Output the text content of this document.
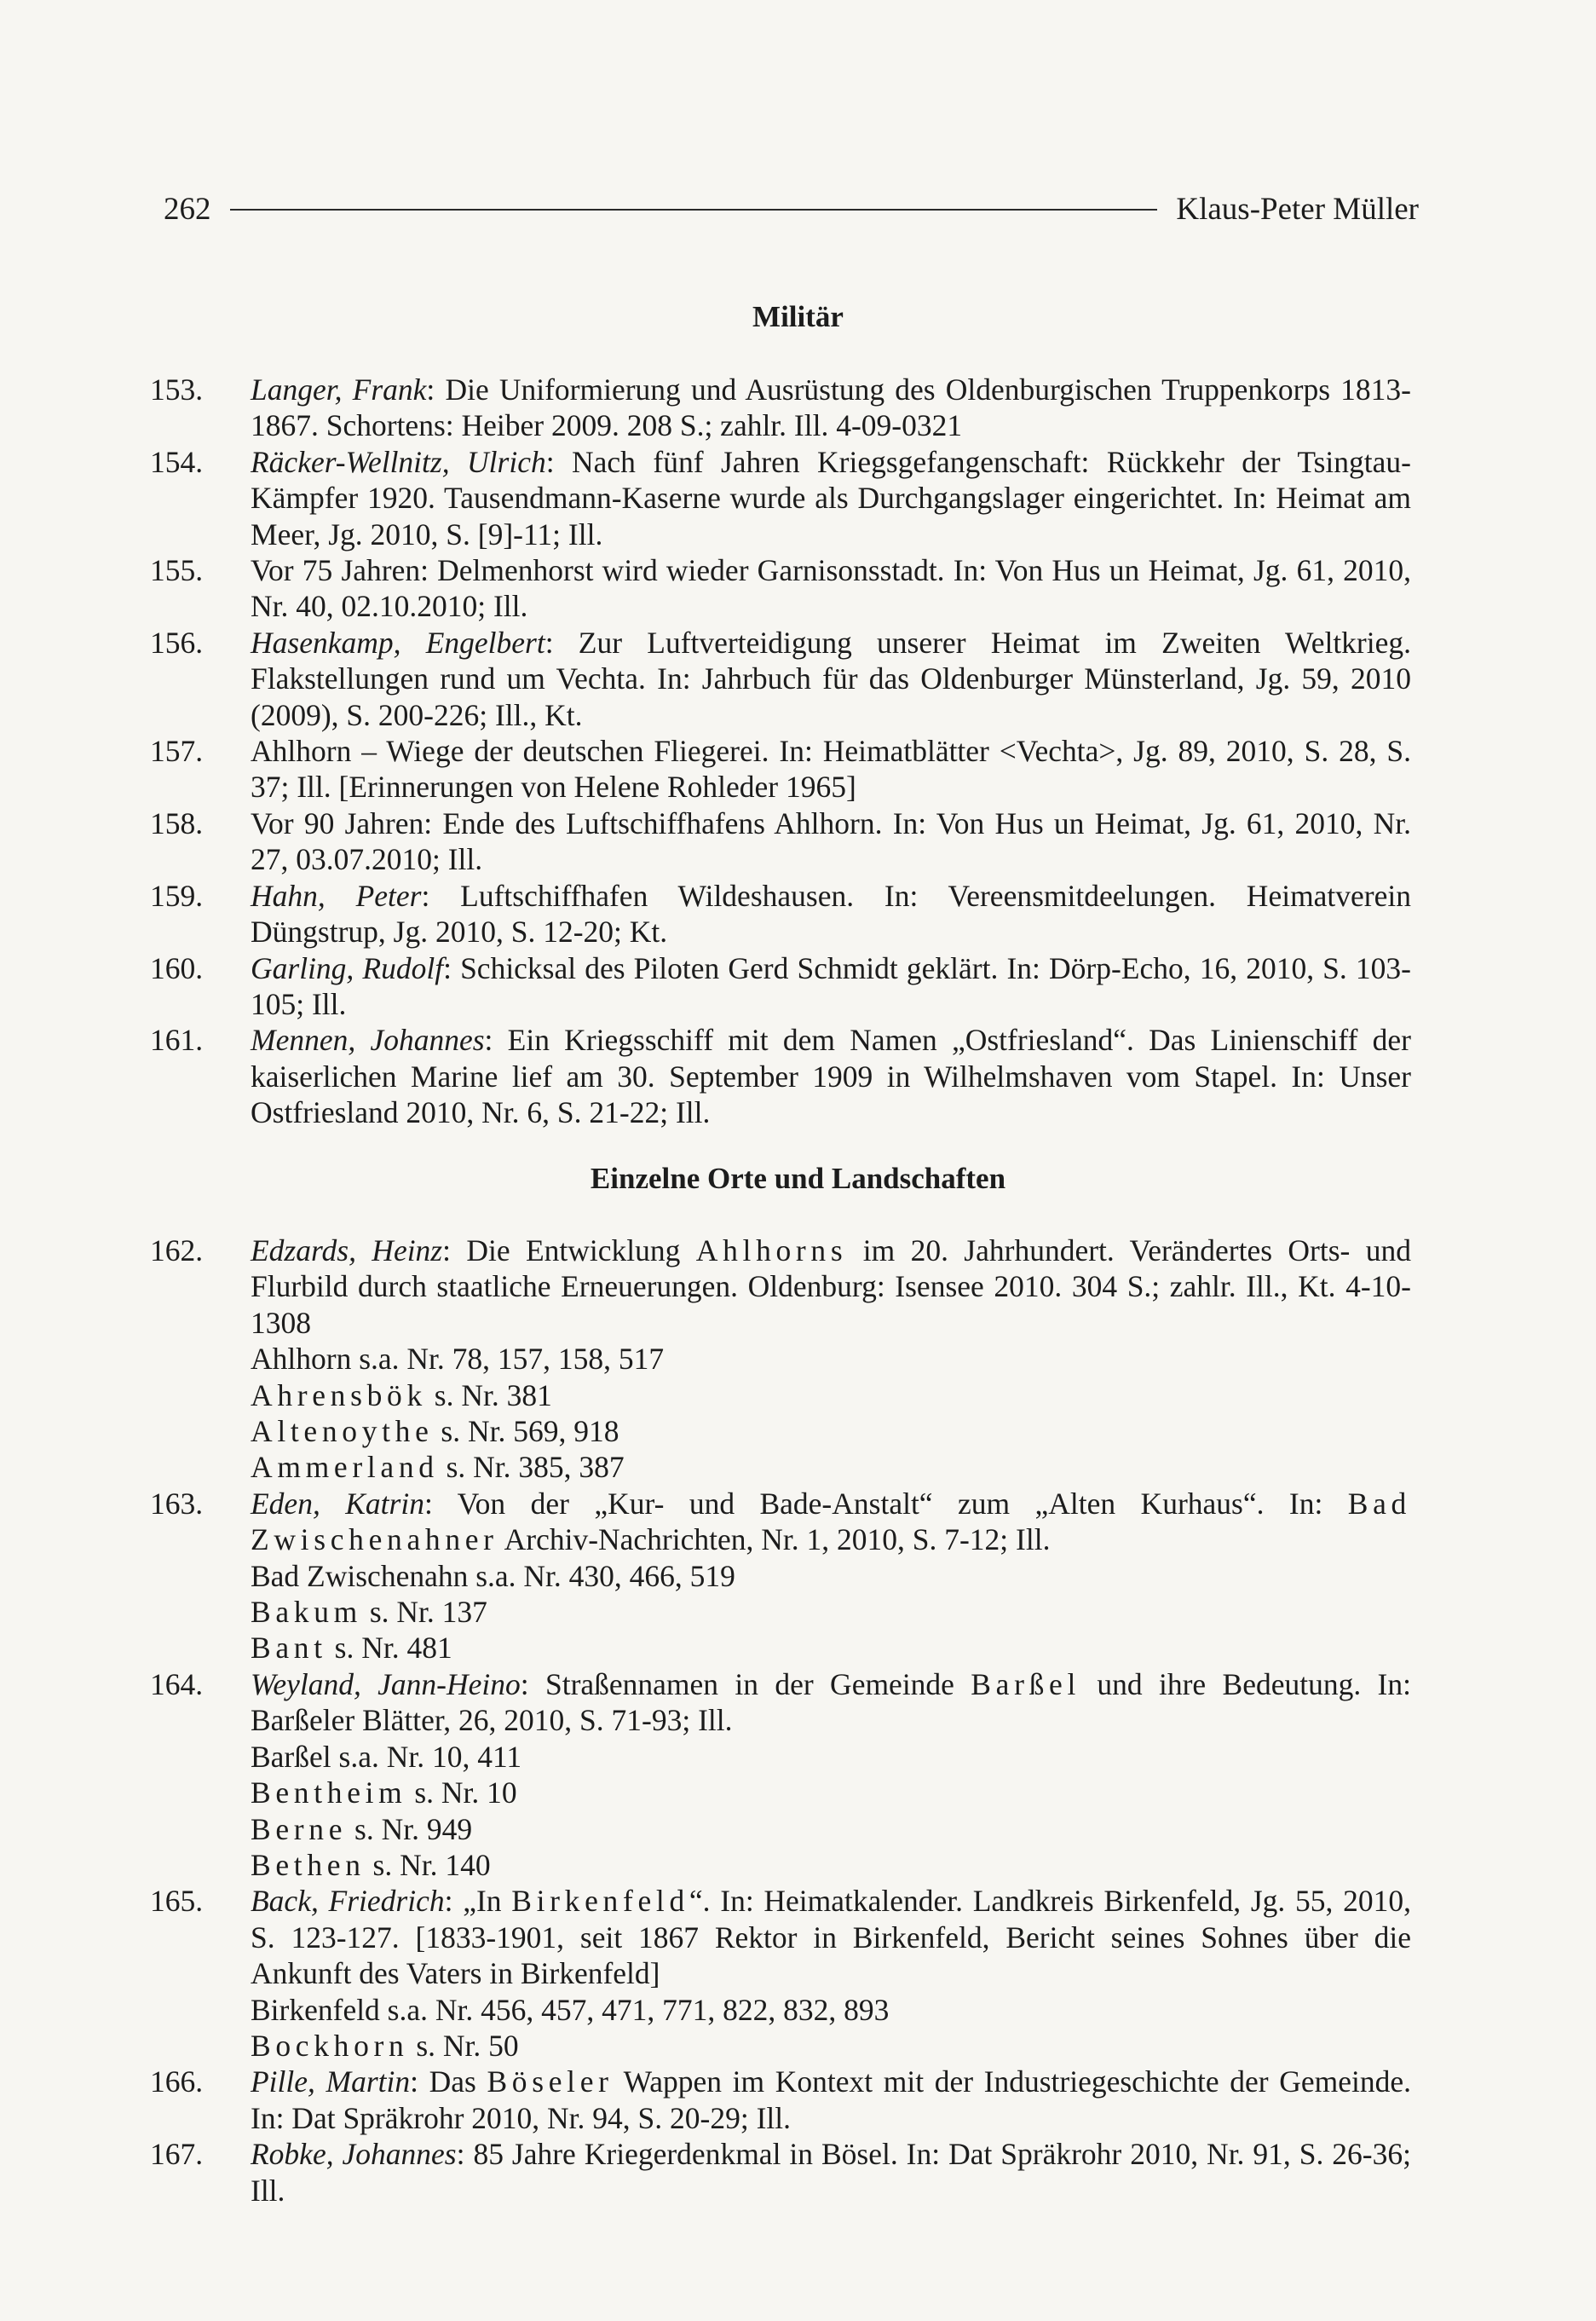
262	Klaus-Peter Müller
Militär
153.	Langer, Frank: Die Uniformierung und Ausrüstung des Oldenburgischen Truppenkorps 1813-1867. Schortens: Heiber 2009. 208 S.; zahlr. Ill. 4-09-0321
154.	Räcker-Wellnitz, Ulrich: Nach fünf Jahren Kriegsgefangenschaft: Rückkehr der Tsingtau-Kämpfer 1920. Tausendmann-Kaserne wurde als Durchgangslager eingerichtet. In: Heimat am Meer, Jg. 2010, S. [9]-11; Ill.
155.	Vor 75 Jahren: Delmenhorst wird wieder Garnisonsstadt. In: Von Hus un Heimat, Jg. 61, 2010, Nr. 40, 02.10.2010; Ill.
156.	Hasenkamp, Engelbert: Zur Luftverteidigung unserer Heimat im Zweiten Weltkrieg. Flakstellungen rund um Vechta. In: Jahrbuch für das Oldenburger Münsterland, Jg. 59, 2010 (2009), S. 200-226; Ill., Kt.
157.	Ahlhorn – Wiege der deutschen Fliegerei. In: Heimatblätter <Vechta>, Jg. 89, 2010, S. 28, S. 37; Ill. [Erinnerungen von Helene Rohleder 1965]
158.	Vor 90 Jahren: Ende des Luftschiffhafens Ahlhorn. In: Von Hus un Heimat, Jg. 61, 2010, Nr. 27, 03.07.2010; Ill.
159.	Hahn, Peter: Luftschiffhafen Wildeshausen. In: Vereensmitdeelungen. Heimatverein Düngstrup, Jg. 2010, S. 12-20; Kt.
160.	Garling, Rudolf: Schicksal des Piloten Gerd Schmidt geklärt. In: Dörp-Echo, 16, 2010, S. 103-105; Ill.
161.	Mennen, Johannes: Ein Kriegsschiff mit dem Namen „Ostfriesland“. Das Linienschiff der kaiserlichen Marine lief am 30. September 1909 in Wilhelmshaven vom Stapel. In: Unser Ostfriesland 2010, Nr. 6, S. 21-22; Ill.
Einzelne Orte und Landschaften
162.	Edzards, Heinz: Die Entwicklung Ahlhorns im 20. Jahrhundert. Verändertes Orts- und Flurbild durch staatliche Erneuerungen. Oldenburg: Isensee 2010. 304 S.; zahlr. Ill., Kt. 4-10-1308
Ahlhorn s.a. Nr. 78, 157, 158, 517
Ahrensbök s. Nr. 381
Altenoythe s. Nr. 569, 918
Ammerland s. Nr. 385, 387
163.	Eden, Katrin: Von der „Kur- und Bade-Anstalt“ zum „Alten Kurhaus“. In: Bad Zwischenahner Archiv-Nachrichten, Nr. 1, 2010, S. 7-12; Ill.
Bad Zwischenahn s.a. Nr. 430, 466, 519
Bakum s. Nr. 137
Bant s. Nr. 481
164.	Weyland, Jann-Heino: Straßennamen in der Gemeinde Barßel und ihre Bedeutung. In: Barßeler Blätter, 26, 2010, S. 71-93; Ill.
Barßel s.a. Nr. 10, 411
Bentheim s. Nr. 10
Berne s. Nr. 949
Bethen s. Nr. 140
165.	Back, Friedrich: „In Birkenfeld“. In: Heimatkalender. Landkreis Birkenfeld, Jg. 55, 2010, S. 123-127. [1833-1901, seit 1867 Rektor in Birkenfeld, Bericht seines Sohnes über die Ankunft des Vaters in Birkenfeld]
Birkenfeld s.a. Nr. 456, 457, 471, 771, 822, 832, 893
Bockhorn s. Nr. 50
166.	Pille, Martin: Das Böseler Wappen im Kontext mit der Industriegeschichte der Gemeinde. In: Dat Spräkrohr 2010, Nr. 94, S. 20-29; Ill.
167.	Robke, Johannes: 85 Jahre Kriegerdenkmal in Bösel. In: Dat Spräkrohr 2010, Nr. 91, S. 26-36; Ill.
